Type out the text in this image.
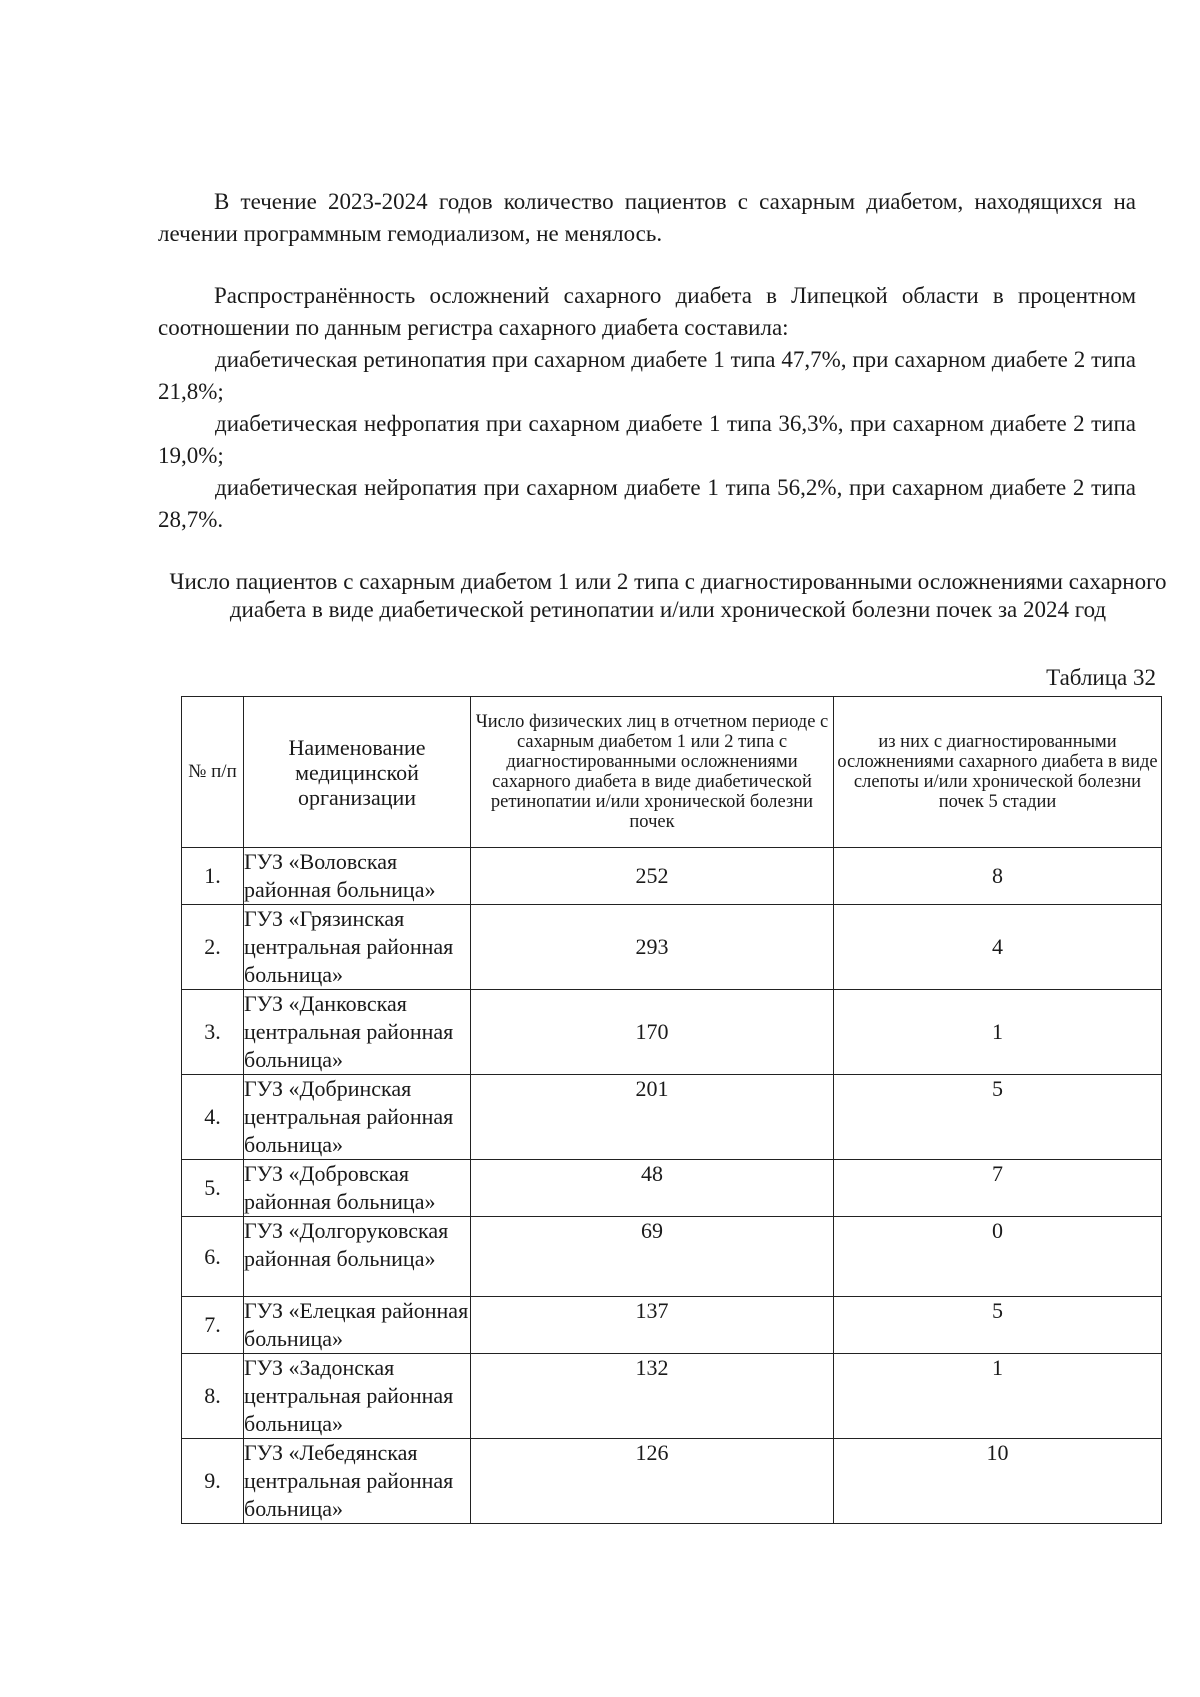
В течение 2023-2024 годов количество пациентов с сахарным диабетом, находящихся на лечении программным гемодиализом, не менялось.

Распространённость осложнений сахарного диабета в Липецкой области в процентном соотношении по данным регистра сахарного диабета составила:

диабетическая ретинопатия при сахарном диабете 1 типа 47,7%, при сахарном диабете 2 типа 21,8%;

диабетическая нефропатия при сахарном диабете 1 типа 36,3%, при сахарном диабете 2 типа 19,0%;

диабетическая нейропатия при сахарном диабете 1 типа 56,2%, при сахарном диабете 2 типа 28,7%.

Число пациентов с сахарным диабетом 1 или 2 типа с диагностированными осложнениями сахарного диабета в виде диабетической ретинопатии и/или хронической болезни почек за 2024 год

Таблица 32

№ п/п	Наименование медицинской организации	Число физических лиц в отчетном периоде с сахарным диабетом 1 или 2 типа с диагностированными осложнениями сахарного диабета в виде диабетической ретинопатии и/или хронической болезни почек	из них с диагностированными осложнениями сахарного диабета в виде слепоты и/или хронической болезни почек 5 стадии
1.	ГУЗ «Воловская районная больница»	252	8
2.	ГУЗ «Грязинская центральная районная больница»	293	4
3.	ГУЗ «Данковская центральная районная больница»	170	1
4.	ГУЗ «Добринская центральная районная больница»	201	5
5.	ГУЗ «Добровская районная больница»	48	7
6.	ГУЗ «Долгоруковская районная больница»	69	0
7.	ГУЗ «Елецкая районная больница»	137	5
8.	ГУЗ «Задонская центральная районная больница»	132	1
9.	ГУЗ «Лебедянская центральная районная больница»	126	10
